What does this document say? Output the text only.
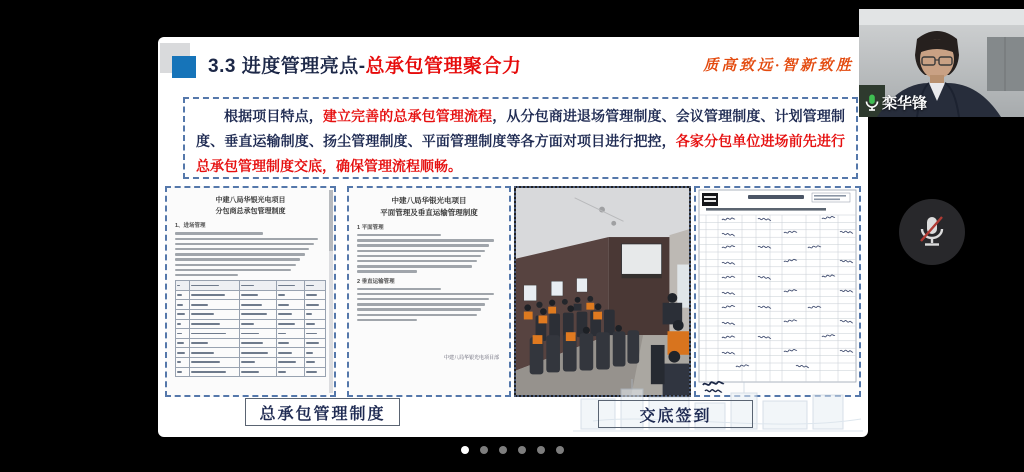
3.3 进度管理亮点-总承包管理聚合力	质高致远·智新致胜

根据项目特点，建立完善的总承包管理流程，从分包商进退场管理制度、会议管理制度、计划管理制度、垂直运输制度、扬尘管理制度、平面管理制度等各方面对项目进行把控，各家分包单位进场前先进行总承包管理制度交底，确保管理流程顺畅。

中建八局华银光电项目

分包商总承包管理制度

1、进场管理

中建八局华银光电项目

平面管理及垂直运输管理制度

1 平面管理
2 垂直运输管理
中建八局华银光电项目部
总承包管理制度	交底签到
栾华锋
